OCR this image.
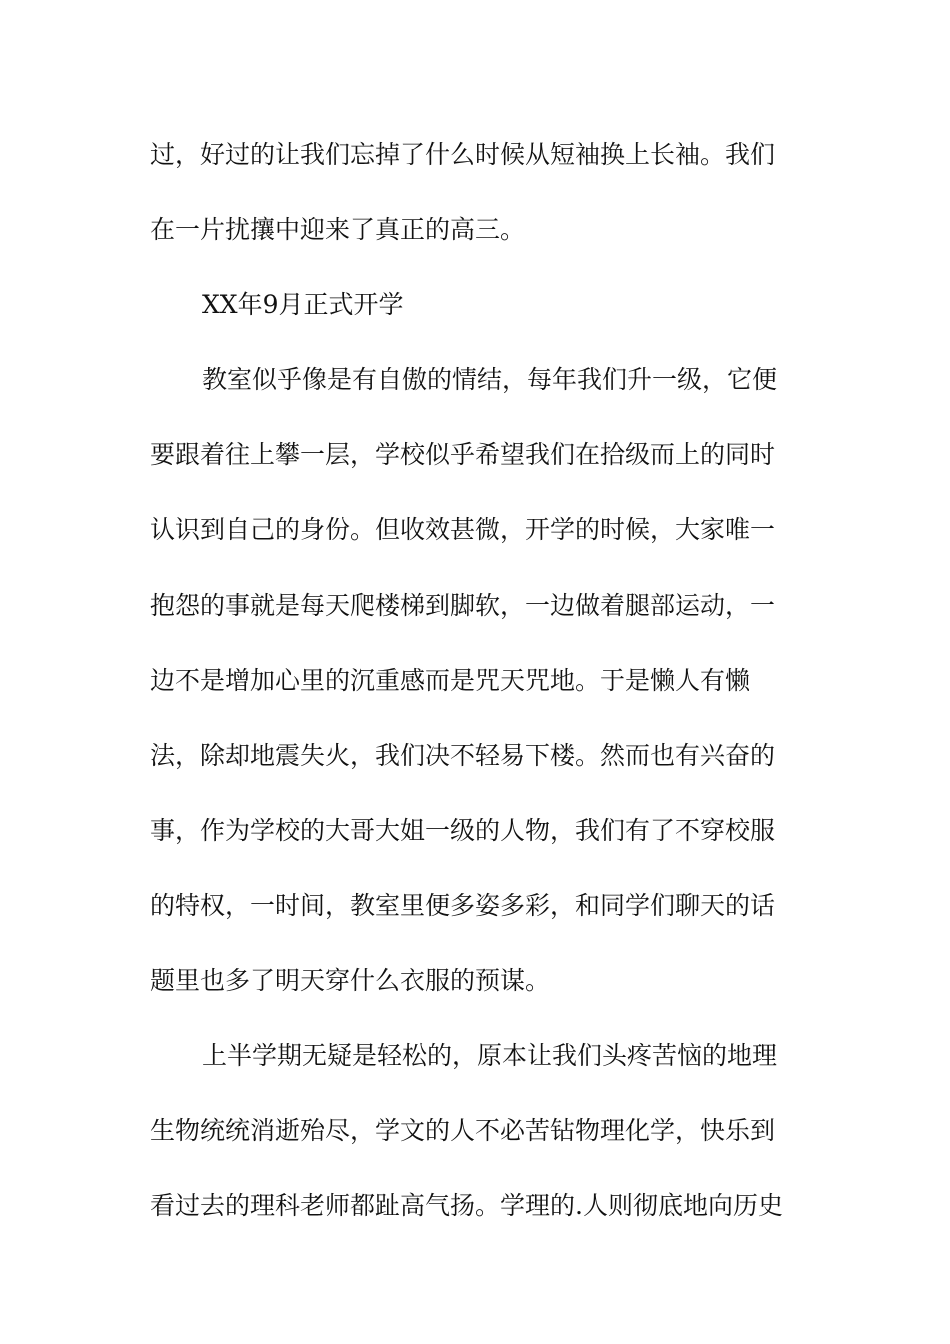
过，好过的让我们忘掉了什么时候从短袖换上长袖。我们
在一片扰攘中迎来了真正的高三。
XX年9月正式开学
教室似乎像是有自傲的情结，每年我们升一级，它便
要跟着往上攀一层，学校似乎希望我们在拾级而上的同时
认识到自己的身份。但收效甚微，开学的时候，大家唯一
抱怨的事就是每天爬楼梯到脚软，一边做着腿部运动，一
边不是增加心里的沉重感而是咒天咒地。于是懒人有懒
法，除却地震失火，我们决不轻易下楼。然而也有兴奋的
事，作为学校的大哥大姐一级的人物，我们有了不穿校服
的特权，一时间，教室里便多姿多彩，和同学们聊天的话
题里也多了明天穿什么衣服的预谋。
上半学期无疑是轻松的，原本让我们头疼苦恼的地理
生物统统消逝殆尽，学文的人不必苦钻物理化学，快乐到
看过去的理科老师都趾高气扬。学理的.人则彻底地向历史
